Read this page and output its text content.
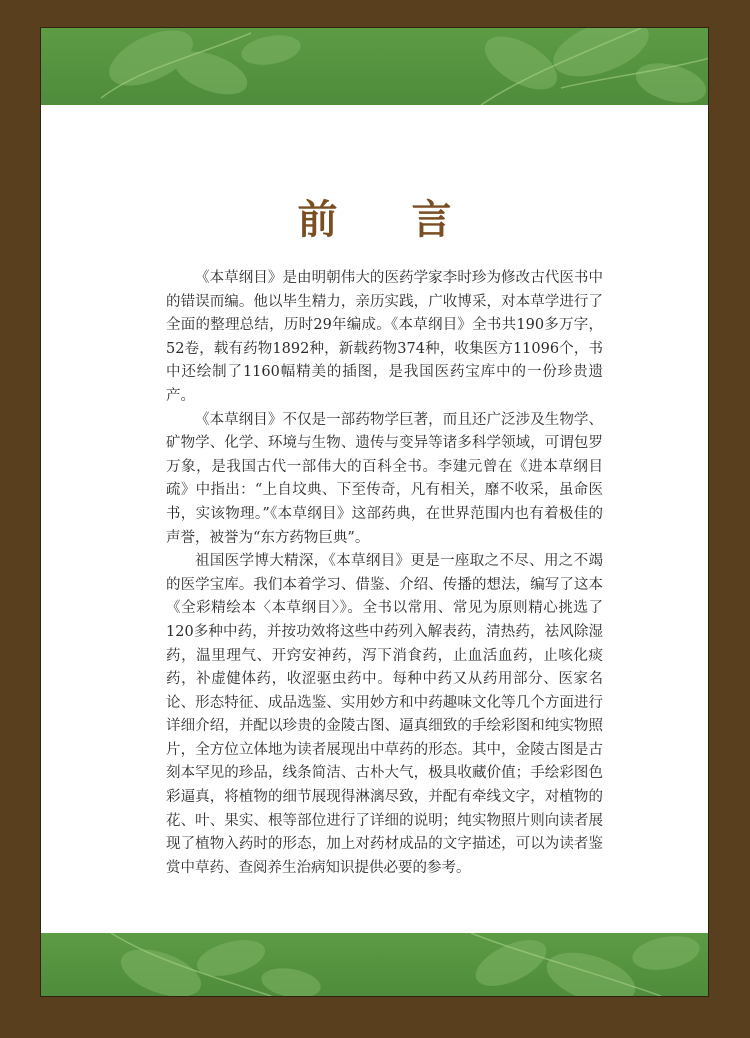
前 言

《本草纲目》是由明朝伟大的医药学家李时珍为修改古代医书中的错误而编。他以毕生精力，亲历实践，广收博采，对本草学进行了全面的整理总结，历时29年编成。《本草纲目》全书共190多万字，52卷，载有药物1892种，新载药物374种，收集医方11096个，书中还绘制了1160幅精美的插图，是我国医药宝库中的一份珍贵遗产。

《本草纲目》不仅是一部药物学巨著，而且还广泛涉及生物学、矿物学、化学、环境与生物、遗传与变异等诸多科学领域，可谓包罗万象，是我国古代一部伟大的百科全书。李建元曾在《进本草纲目疏》中指出：“上自坟典、下至传奇，凡有相关，靡不收采，虽命医书，实该物理。”《本草纲目》这部药典，在世界范围内也有着极佳的声誉，被誉为“东方药物巨典”。

祖国医学博大精深，《本草纲目》更是一座取之不尽、用之不竭的医学宝库。我们本着学习、借鉴、介绍、传播的想法，编写了这本《全彩精绘本〈本草纲目〉》。全书以常用、常见为原则精心挑选了120多种中药，并按功效将这些中药列入解表药，清热药，祛风除湿药，温里理气、开窍安神药，泻下消食药，止血活血药，止咳化痰药，补虚健体药，收涩驱虫药中。每种中药又从药用部分、医家名论、形态特征、成品选鉴、实用妙方和中药趣味文化等几个方面进行详细介绍，并配以珍贵的金陵古图、逼真细致的手绘彩图和纯实物照片，全方位立体地为读者展现出中草药的形态。其中，金陵古图是古刻本罕见的珍品，线条简洁、古朴大气，极具收藏价值；手绘彩图色彩逼真，将植物的细节展现得淋漓尽致，并配有牵线文字，对植物的花、叶、果实、根等部位进行了详细的说明；纯实物照片则向读者展现了植物入药时的形态，加上对药材成品的文字描述，可以为读者鉴赏中草药、查阅养生治病知识提供必要的参考。
